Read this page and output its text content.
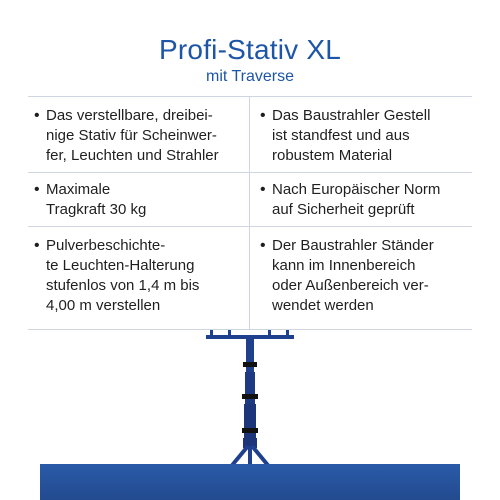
Profi-Stativ XL
mit Traverse
• Das verstellbare, dreibei-
nige Stativ für Scheinwer-
fer, Leuchten und Strahler
• Maximale
Tragkraft 30 kg
• Pulverbeschichte-
te Leuchten-Halterung
stufenlos von 1,4 m bis
4,00 m verstellen
• Das Baustrahler Gestell
ist standfest und aus
robustem Material
• Nach Europäischer Norm
auf Sicherheit geprüft
• Der Baustrahler Ständer
kann im Innenbereich
oder Außenbereich ver-
wendet werden
